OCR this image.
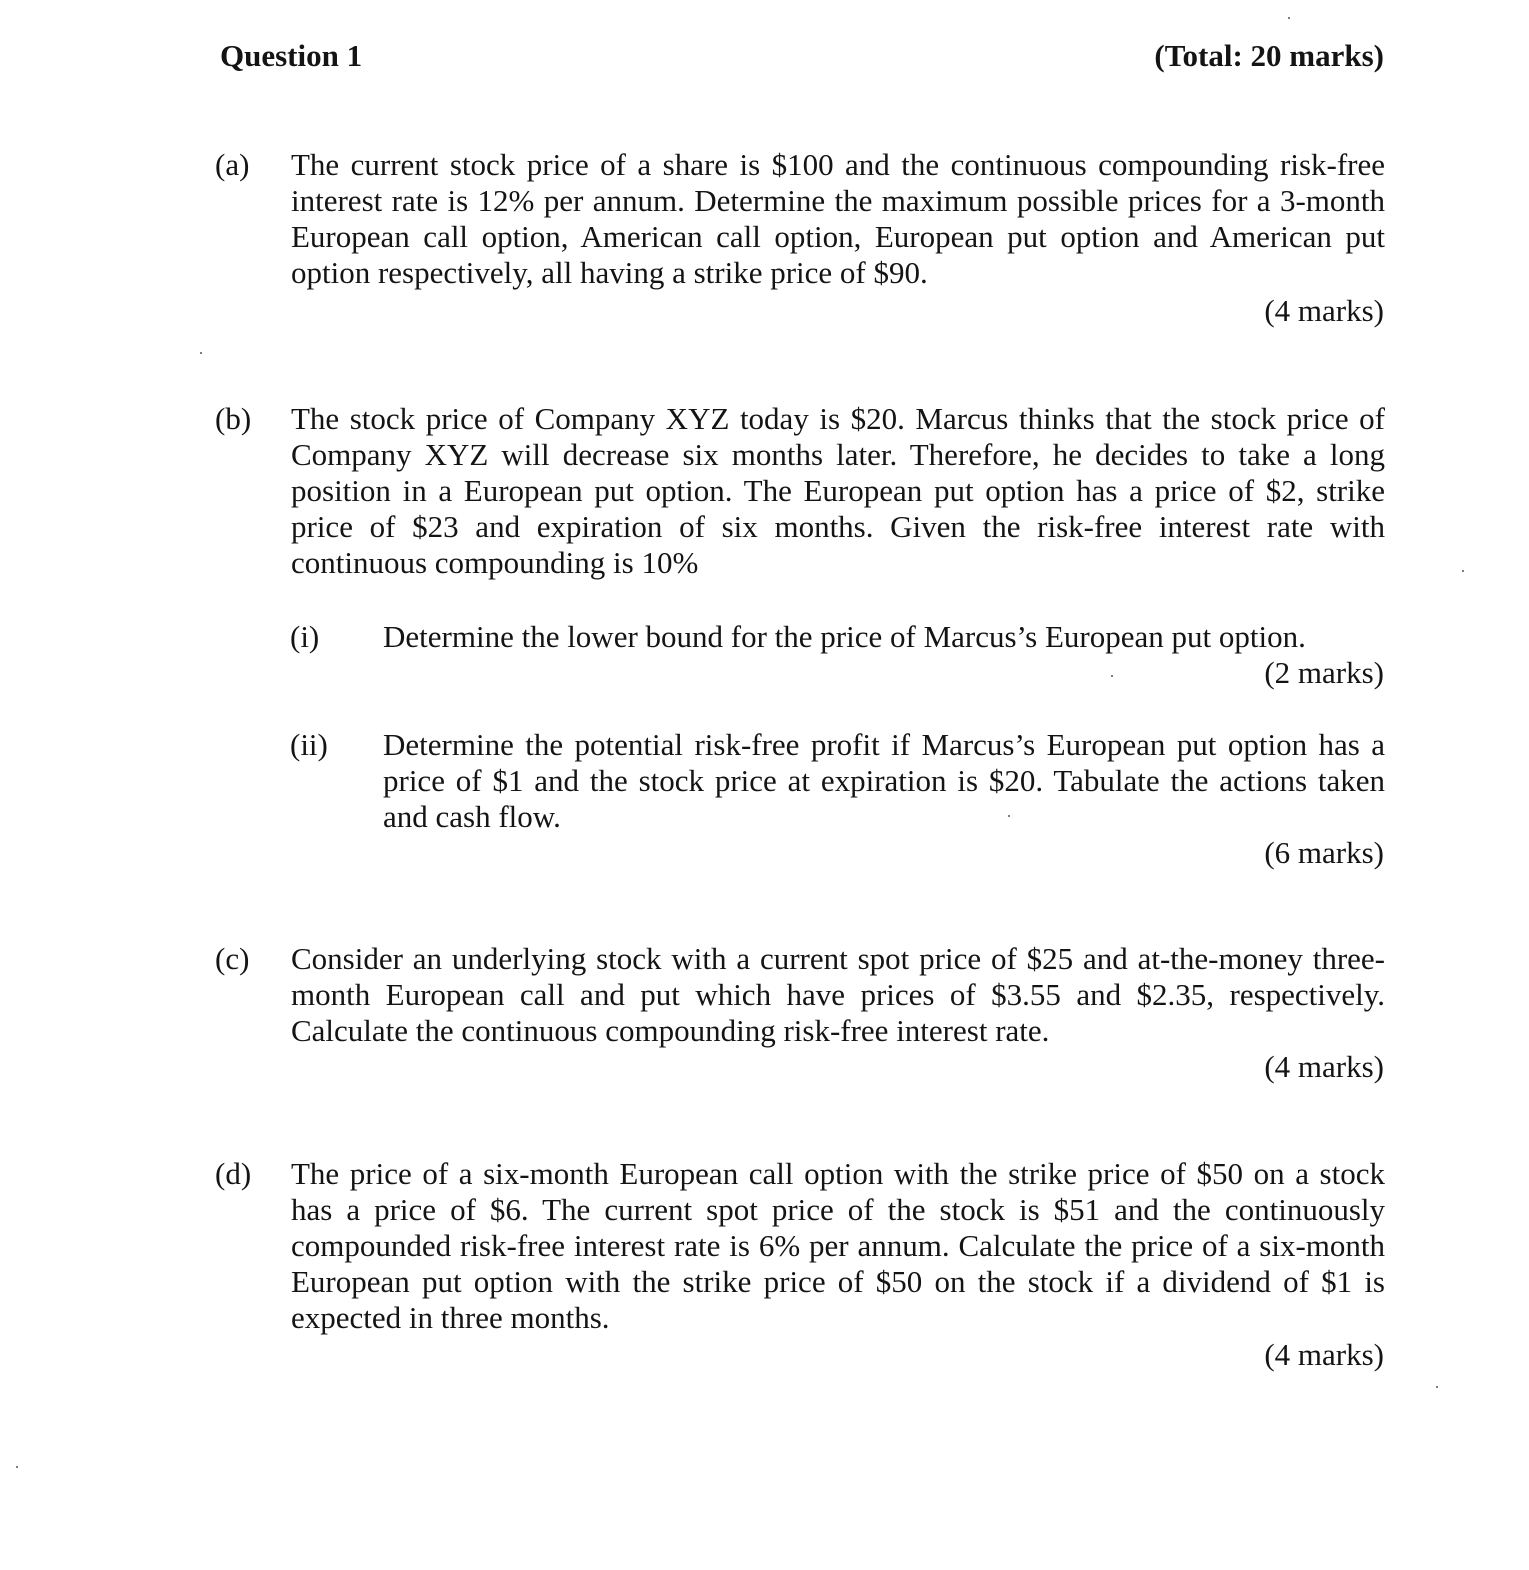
Question 1	(Total: 20 marks)
(a) The current stock price of a share is $100 and the continuous compounding risk-free interest rate is 12% per annum. Determine the maximum possible prices for a 3-month European call option, American call option, European put option and American put option respectively, all having a strike price of $90.
(4 marks)
(b) The stock price of Company XYZ today is $20. Marcus thinks that the stock price of Company XYZ will decrease six months later. Therefore, he decides to take a long position in a European put option. The European put option has a price of $2, strike price of $23 and expiration of six months. Given the risk-free interest rate with continuous compounding is 10%
(i) Determine the lower bound for the price of Marcus’s European put option.
(2 marks)
(ii) Determine the potential risk-free profit if Marcus’s European put option has a price of $1 and the stock price at expiration is $20. Tabulate the actions taken and cash flow.
(6 marks)
(c) Consider an underlying stock with a current spot price of $25 and at-the-money three-month European call and put which have prices of $3.55 and $2.35, respectively. Calculate the continuous compounding risk-free interest rate.
(4 marks)
(d) The price of a six-month European call option with the strike price of $50 on a stock has a price of $6. The current spot price of the stock is $51 and the continuously compounded risk-free interest rate is 6% per annum. Calculate the price of a six-month European put option with the strike price of $50 on the stock if a dividend of $1 is expected in three months.
(4 marks)
